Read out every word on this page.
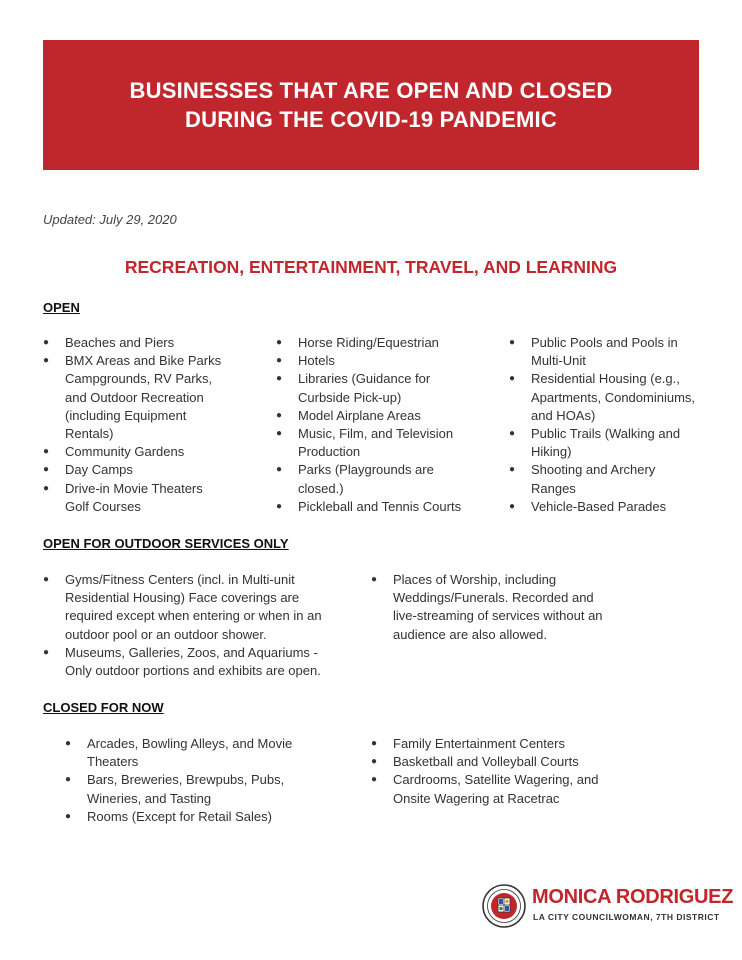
BUSINESSES THAT ARE OPEN AND CLOSED
DURING THE COVID-19 PANDEMIC
Updated: July 29, 2020
RECREATION, ENTERTAINMENT, TRAVEL, AND LEARNING
OPEN
● Beaches and Piers
● BMX Areas and Bike Parks
Campgrounds, RV Parks,
and Outdoor Recreation
(including Equipment
Rentals)
● Community Gardens
● Day Camps
● Drive-in Movie Theaters
Golf Courses
● Horse Riding/Equestrian
● Hotels
● Libraries (Guidance for
Curbside Pick-up)
● Model Airplane Areas
● Music, Film, and Television
Production
● Parks (Playgrounds are
closed.)
● Pickleball and Tennis Courts
● Public Pools and Pools in
Multi-Unit
● Residential Housing (e.g.,
Apartments, Condominiums,
and HOAs)
● Public Trails (Walking and
Hiking)
● Shooting and Archery
Ranges
● Vehicle-Based Parades
OPEN FOR OUTDOOR SERVICES ONLY
● Gyms/Fitness Centers (incl. in Multi-unit
Residential Housing) Face coverings are
required except when entering or when in an
outdoor pool or an outdoor shower.
● Museums, Galleries, Zoos, and Aquariums -
Only outdoor portions and exhibits are open.
● Places of Worship, including
Weddings/Funerals. Recorded and
live-streaming of services without an
audience are also allowed.
CLOSED FOR NOW
● Arcades, Bowling Alleys, and Movie
Theaters
● Bars, Breweries, Brewpubs, Pubs,
Wineries, and Tasting
● Rooms (Except for Retail Sales)
● Family Entertainment Centers
● Basketball and Volleyball Courts
● Cardrooms, Satellite Wagering, and
Onsite Wagering at Racetrac
MONICA RODRIGUEZ
LA CITY COUNCILWOMAN, 7TH DISTRICT
